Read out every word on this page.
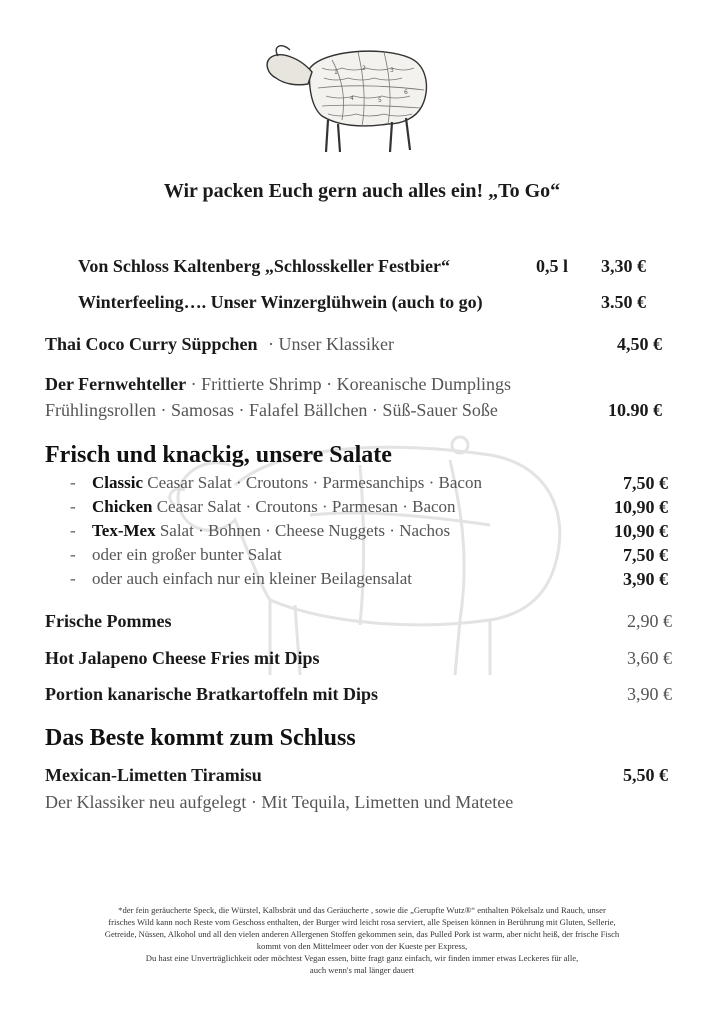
1
2	3
4	5
6
Wir packen Euch gern auch alles ein! „To Go“
Von Schloss Kaltenberg „Schlosskeller Festbier“	0,5 l 3,30 €
Winterfeeling…. Unser Winzerglühwein (auch to go)	3.50 €
Thai Coco Curry Süppchen · Unser Klassiker	4,50 €
Der Fernwehteller · Frittierte Shrimp · Koreanische Dumplings
Frühlingsrollen · Samosas · Falafel Bällchen · Süß-Sauer Soße	10.90 €
Frisch und knackig, unsere Salate
- Classic Ceasar Salat · Croutons · Parmesanchips · Bacon	7,50 €
- Chicken Ceasar Salat · Croutons · Parmesan · Bacon	10,90 €
- Tex-Mex Salat · Bohnen · Cheese Nuggets · Nachos	10,90 €
- oder ein großer bunter Salat	7,50 €
- oder auch einfach nur ein kleiner Beilagensalat	3,90 €
Frische Pommes	2,90 €
Hot Jalapeno Cheese Fries mit Dips	3,60 €
Portion kanarische Bratkartoffeln mit Dips	3,90 €
Das Beste kommt zum Schluss
Mexican-Limetten Tiramisu	5,50 €
Der Klassiker neu aufgelegt · Mit Tequila, Limetten und Matetee
*der fein geräucherte Speck, die Würstel, Kalbsbrät und das Geräucherte , sowie die „Gerupfte Wutz®“ enthalten Pökelsalz und Rauch, unser
frisches Wild kann noch Reste vom Geschoss enthalten, der Burger wird leicht rosa serviert, alle Speisen können in Berührung mit Gluten, Sellerie,
Getreide, Nüssen, Alkohol und all den vielen anderen Allergenen Stoffen gekommen sein, das Pulled Pork ist warm, aber nicht heiß, der frische Fisch
kommt von den Mittelmeer oder von der Kueste per Express,
Du hast eine Unverträglichkeit oder möchtest Vegan essen, bitte fragt ganz einfach, wir finden immer etwas Leckeres für alle,
auch wenn's mal länger dauert
